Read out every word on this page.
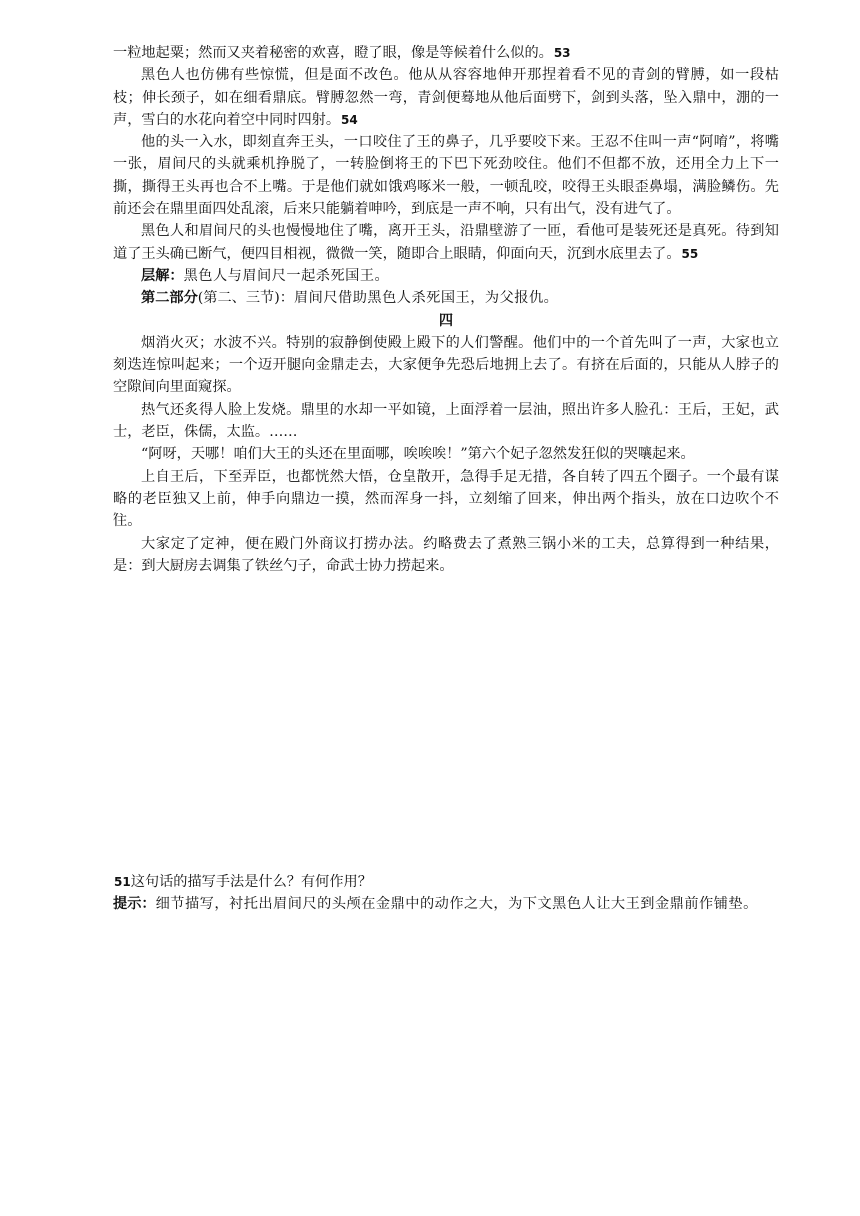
一粒地起粟；然而又夹着秘密的欢喜，瞪了眼，像是等候着什么似的。53

黑色人也仿佛有些惊慌，但是面不改色。他从从容容地伸开那捏着看不见的青剑的臂膊，如一段枯枝；伸长颈子，如在细看鼎底。臂膊忽然一弯，青剑便蓦地从他后面劈下，剑到头落，坠入鼎中，淜的一声，雪白的水花向着空中同时四射。54

他的头一入水，即刻直奔王头，一口咬住了王的鼻子，几乎要咬下来。王忍不住叫一声“阿唷”，将嘴一张，眉间尺的头就乘机挣脱了，一转脸倒将王的下巴下死劲咬住。他们不但都不放，还用全力上下一撕，撕得王头再也合不上嘴。于是他们就如饿鸡啄米一般，一顿乱咬，咬得王头眼歪鼻塌，满脸鳞伤。先前还会在鼎里面四处乱滚，后来只能躺着呻吟，到底是一声不响，只有出气，没有进气了。

黑色人和眉间尺的头也慢慢地住了嘴，离开王头，沿鼎壁游了一匝，看他可是装死还是真死。待到知道了王头确已断气，便四目相视，微微一笑，随即合上眼睛，仰面向天，沉到水底里去了。55

层解：黑色人与眉间尺一起杀死国王。

第二部分(第二、三节)：眉间尺借助黑色人杀死国王，为父报仇。

四

烟消火灭；水波不兴。特别的寂静倒使殿上殿下的人们警醒。他们中的一个首先叫了一声，大家也立刻迭连惊叫起来；一个迈开腿向金鼎走去，大家便争先恐后地拥上去了。有挤在后面的，只能从人脖子的空隙间向里面窥探。

热气还炙得人脸上发烧。鼎里的水却一平如镜，上面浮着一层油，照出许多人脸孔：王后，王妃，武士，老臣，侏儒，太监。……

“阿呀，天哪！咱们大王的头还在里面哪，唉唉唉！”第六个妃子忽然发狂似的哭嚷起来。

上自王后，下至弄臣，也都恍然大悟，仓皇散开，急得手足无措，各自转了四五个圈子。一个最有谋略的老臣独又上前，伸手向鼎边一摸，然而浑身一抖，立刻缩了回来，伸出两个指头，放在口边吹个不住。

大家定了定神，便在殿门外商议打捞办法。约略费去了煮熟三锅小米的工夫，总算得到一种结果，是：到大厨房去调集了铁丝勺子，命武士协力捞起来。

,

51这句话的描写手法是什么？有何作用？

提示：细节描写，衬托出眉间尺的头颅在金鼎中的动作之大，为下文黑色人让大王到金鼎前作铺垫。
